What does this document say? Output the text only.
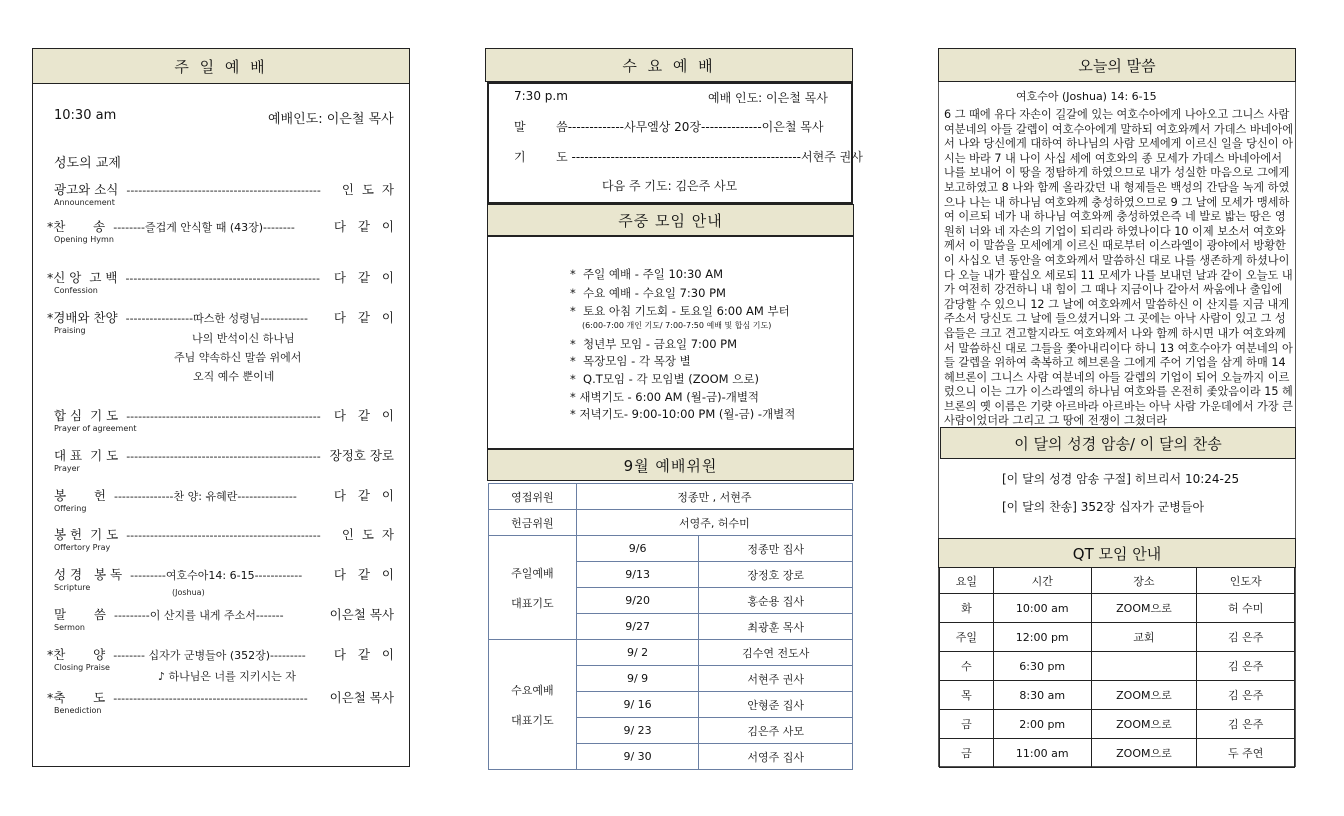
주 일 예 배
10:30 am	예배인도: 이은철 목사
성도의 교제
광고와 소식 ------------------------------------------------- 인  도  자
Announcement
*찬       송 --------즐겁게 안식할 때 (43장)--------	다   같   이
Opening Hymn
*신 앙  고 백 ------------------------------------------------- 다   같   이
Confession
*경배와 찬양 -----------------따스한 성령님------------ 다   같   이
Praising
합 심  기 도 ------------------------------------------------- 다   같   이
Prayer of agreement
대 표  기 도 ------------------------------------------------- 장정호 장로
Prayer
봉       헌 ---------------찬 양: 유혜란---------------	다   같   이
Offering
봉 헌  기 도 ------------------------------------------------- 인  도  자
Offertory Pray
성 경   봉 독 ---------여호수아14: 6-15------------	다   같   이
Scripture
말       씀 ---------이 산지를 내게 주소서-------	이은철 목사
Sermon
*찬       양 -------- 십자가 군병들아 (352장)--------- 다   같   이
Closing Praise
*축       도 ------------------------------------------------- 이은철 목사
Benediction
나의 반석이신 하나님
주님 약속하신 말씀 위에서
오직 예수 뿐이네
(Joshua)
♪ 하나님은 너를 지키시는 자
수 요 예 배
7:30 p.m	예배 인도: 이은철 목사
말        씀-------------사무엘상 20장--------------이은철 목사
기        도 -----------------------------------------------------서현주 권사
다음 주 기도: 김은주 사모
주중 모임 안내
*  주일 예배 - 주일 10:30 AM
*  수요 예배 - 수요일 7:30 PM
*  토요 아침 기도회 - 토요일 6:00 AM 부터
(6:00-7:00 개인 기도/ 7:00-7:50 예배 및 합심 기도)
*  청년부 모임 - 금요일 7:00 PM
*  목장모임 - 각 목장 별
*  Q.T모임 - 각 모임별 (ZOOM 으로)
* 새벽기도 - 6:00 AM (월-금)-개별적
* 저녁기도- 9:00-10:00 PM (월-금) -개별적
9월 예배위원
영접위원	정종만 , 서현주	
헌금위원	서영주, 허수미	

주일예배
대표기도	9/6	정종만 집사
	9/13	장정호 장로
	9/20	홍순용 집사
	9/27	최광훈 목사

수요예배
대표기도	9/ 2	김수연 전도사
	9/ 9	서현주 권사
	9/ 16	안형준 집사
	9/ 23	김은주 사모
	9/ 30	서영주 집사
오늘의 말씀
여호수아 (Joshua) 14: 6-15
6 그 때에 유다 자손이 길갈에 있는 여호수아에게 나아오고 그니스 사람 여분네의 아들 갈렙이 여호수아에게 말하되 여호와께서 가데스 바네아에서 나와 당신에게 대하여 하나님의 사람 모세에게 이르신 일을 당신이 아시는 바라 7 내 나이 사십 세에 여호와의 종 모세가 가데스 바네아에서 나를 보내어 이 땅을 정탐하게 하였으므로 내가 성실한 마음으로 그에게 보고하였고 8 나와 함께 올라갔던 내 형제들은 백성의 간담을 녹게 하였으나 나는 내 하나님 여호와께 충성하였으므로 9 그 날에 모세가 맹세하여 이르되 네가 내 하나님 여호와께 충성하였은즉 네 발로 밟는 땅은 영원히 너와 네 자손의 기업이 되리라 하였나이다 10 이제 보소서 여호와께서 이 말씀을 모세에게 이르신 때로부터 이스라엘이 광야에서 방황한 이 사십오 년 동안을 여호와께서 말씀하신 대로 나를 생존하게 하셨나이다 오늘 내가 팔십오 세로되 11 모세가 나를 보내던 날과 같이 오늘도 내가 여전히 강건하니 내 힘이 그 때나 지금이나 같아서 싸움에나 출입에 감당할 수 있으니 12 그 날에 여호와께서 말씀하신 이 산지를 지금 내게 주소서 당신도 그 날에 들으셨거니와 그 곳에는 아낙 사람이 있고 그 성읍들은 크고 견고할지라도 여호와께서 나와 함께 하시면 내가 여호와께서 말씀하신 대로 그들을 쫓아내리이다 하니 13 여호수아가 여분네의 아들 갈렙을 위하여 축복하고 헤브론을 그에게 주어 기업을 삼게 하매 14 헤브론이 그니스 사람 여분네의 아들 갈렙의 기업이 되어 오늘까지 이르렀으니 이는 그가 이스라엘의 하나님 여호와를 온전히 좇았음이라 15 헤브론의 옛 이름은 기럇 아르바라 아르바는 아낙 사람 가운데에서 가장 큰 사람이었더라 그리고 그 땅에 전쟁이 그쳤더라
이 달의 성경 암송/ 이 달의 찬송
[이 달의 성경 암송 구절] 히브리서 10:24-25
[이 달의 찬송] 352장 십자가 군병들아
QT 모임 안내
요일	시간	장소	인도자
화	10:00 am	ZOOM으로	허 수미
주일	12:00 pm	교회	김 은주
수	6:30 pm		김 은주
목	8:30 am	ZOOM으로	김 은주
금	2:00 pm	ZOOM으로	김 은주
금	11:00 am	ZOOM으로	두 주연
